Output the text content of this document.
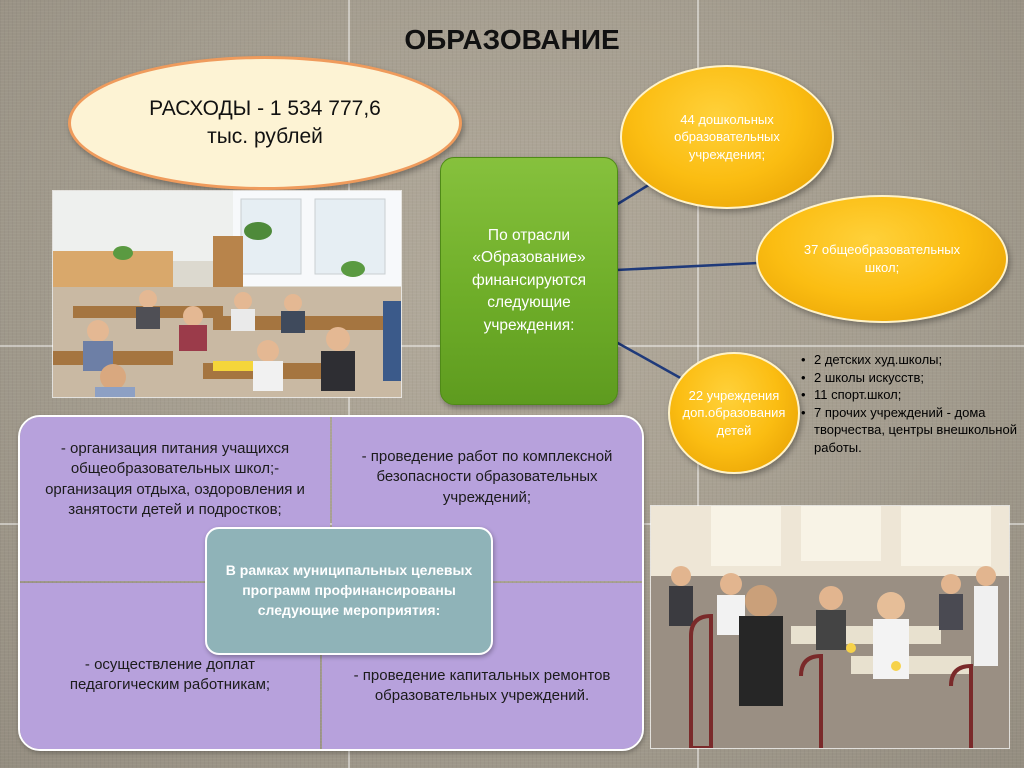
ОБРАЗОВАНИЕ
РАСХОДЫ - 1 534 777,6 тыс. рублей
По отрасли «Образование» финансируются следующие учреждения:
44 дошкольных образовательных учреждения;
37 общеобразовательных школ;
22 учреждения доп.образования детей
• 2 детских худ.школы;
• 2 школы искусств;
• 11 спорт.школ;
• 7 прочих учреждений - дома творчества, центры внешкольной работы.
- организация питания учащихся общеобразовательных школ;- организация отдыха, оздоровления и занятости детей и подростков;
- проведение работ по комплексной безопасности образовательных учреждений;
- осуществление доплат педагогическим работникам;
- проведение капитальных ремонтов образовательных учреждений.
В рамках муниципальных целевых программ профинансированы следующие мероприятия:
